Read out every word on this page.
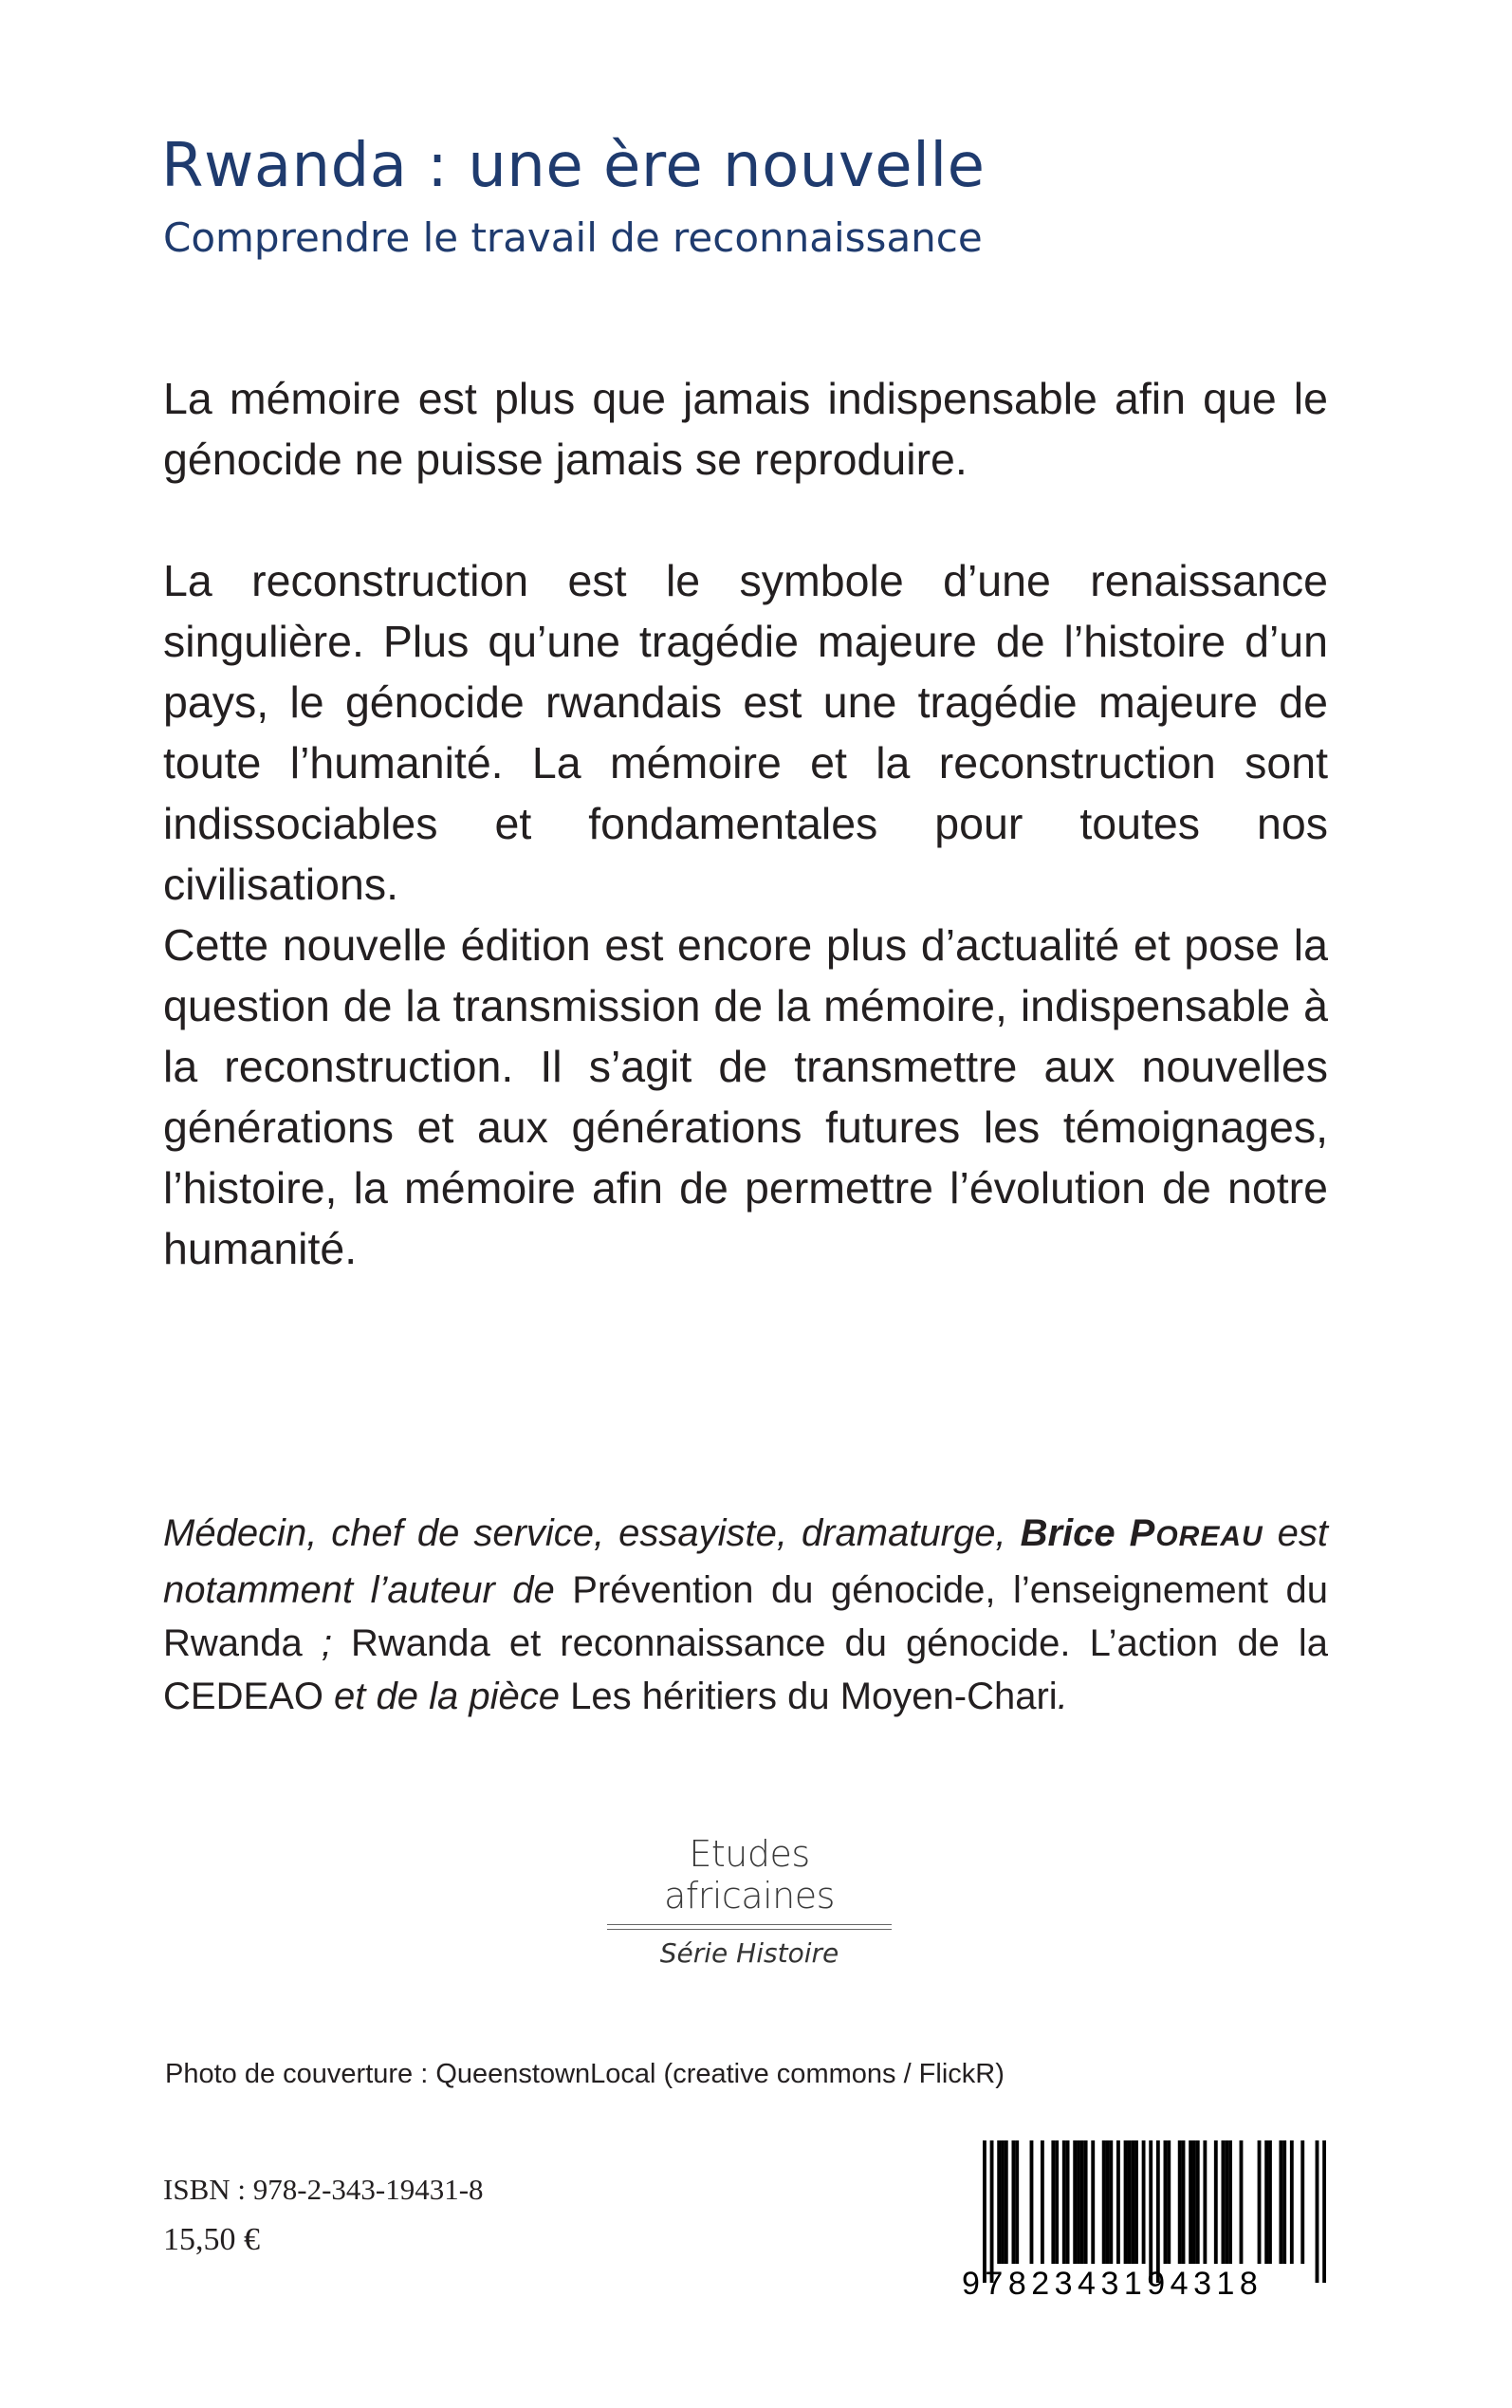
Rwanda : une ère nouvelle
Comprendre le travail de reconnaissance

La mémoire est plus que jamais indispensable afin que le génocide ne puisse jamais se reproduire.

La reconstruction est le symbole d’une renaissance singulière. Plus qu’une tragédie majeure de l’histoire d’un pays, le génocide rwandais est une tragédie majeure de toute l’humanité. La mémoire et la reconstruction sont indissociables et fondamentales pour toutes nos civilisations.

Cette nouvelle édition est encore plus d’actualité et pose la question de la transmission de la mémoire, indispensable à la reconstruction. Il s’agit de transmettre aux nouvelles générations et aux générations futures les témoignages, l’histoire, la mémoire afin de permettre l’évolution de notre humanité.

Médecin, chef de service, essayiste, dramaturge, Brice POREAU est notamment l’auteur de Prévention du génocide, l’enseignement du Rwanda ; Rwanda et reconnaissance du génocide. L’action de la CEDEAO et de la pièce Les héritiers du Moyen-Chari.

Etudes africaines
Série Histoire
Photo de couverture : QueenstownLocal (creative commons / FlickR)
ISBN : 978-2-343-19431-8
15,50 €
9782343194318
